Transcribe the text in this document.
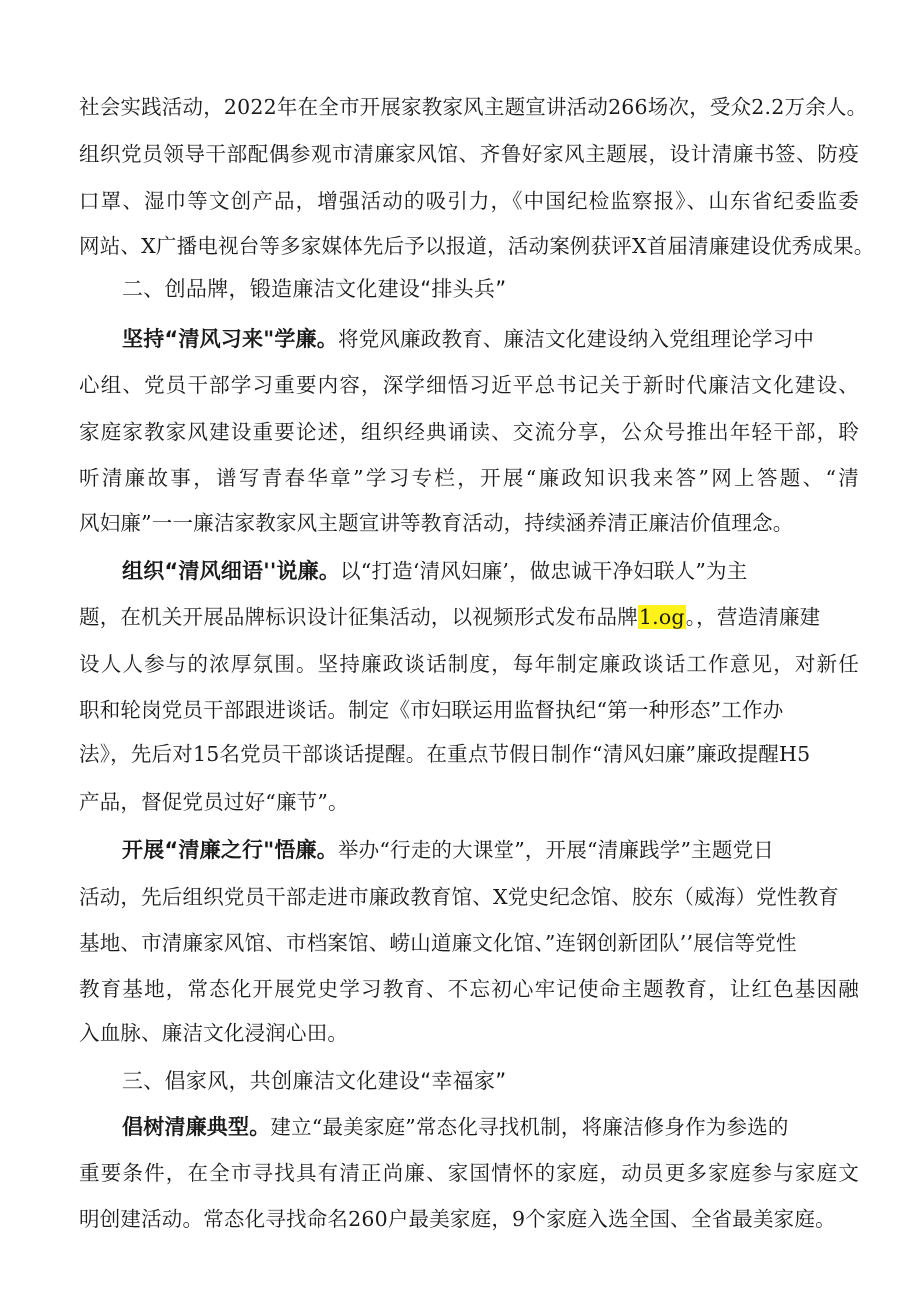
社会实践活动，2022年在全市开展家教家风主题宣讲活动266场次，受众2.2万余人。
组织党员领导干部配偶参观市清廉家风馆、齐鲁好家风主题展，设计清廉书签、防疫
口罩、湿巾等文创产品，增强活动的吸引力，《中国纪检监察报》、山东省纪委监委
网站、X广播电视台等多家媒体先后予以报道，活动案例获评X首届清廉建设优秀成果。
二、创品牌，锻造廉洁文化建设“排头兵”
坚持“清风习来"学廉。将党风廉政教育、廉洁文化建设纳入党组理论学习中
心组、党员干部学习重要内容，深学细悟习近平总书记关于新时代廉洁文化建设、
家庭家教家风建设重要论述，组织经典诵读、交流分享，公众号推出年轻干部，聆
听清廉故事，谱写青春华章”学习专栏，开展“廉政知识我来答”网上答题、“清
风妇廉”一一廉洁家教家风主题宣讲等教育活动，持续涵养清正廉洁价值理念。
组织“清风细语''说廉。以“打造‘清风妇廉’，做忠诚干净妇联人”为主
题，在机关开展品牌标识设计征集活动，以视频形式发布品牌1.og。，营造清廉建
设人人参与的浓厚氛围。坚持廉政谈话制度，每年制定廉政谈话工作意见，对新任
职和轮岗党员干部跟进谈话。制定《市妇联运用监督执纪“第一种形态”工作办
法》，先后对15名党员干部谈话提醒。在重点节假日制作“清风妇廉”廉政提醒H5
产品，督促党员过好“廉节”。
开展“清廉之行"悟廉。举办“行走的大课堂”，开展“清廉践学”主题党日
活动，先后组织党员干部走进市廉政教育馆、X党史纪念馆、胶东（威海）党性教育
基地、市清廉家风馆、市档案馆、崂山道廉文化馆、”连钢创新团队’’展信等党性
教育基地，常态化开展党史学习教育、不忘初心牢记使命主题教育，让红色基因融
入血脉、廉洁文化浸润心田。
三、倡家风，共创廉洁文化建设“幸福家”
倡树清廉典型。建立“最美家庭”常态化寻找机制，将廉洁修身作为参选的
重要条件，在全市寻找具有清正尚廉、家国情怀的家庭，动员更多家庭参与家庭文
明创建活动。常态化寻找命名260户最美家庭，9个家庭入选全国、全省最美家庭。
